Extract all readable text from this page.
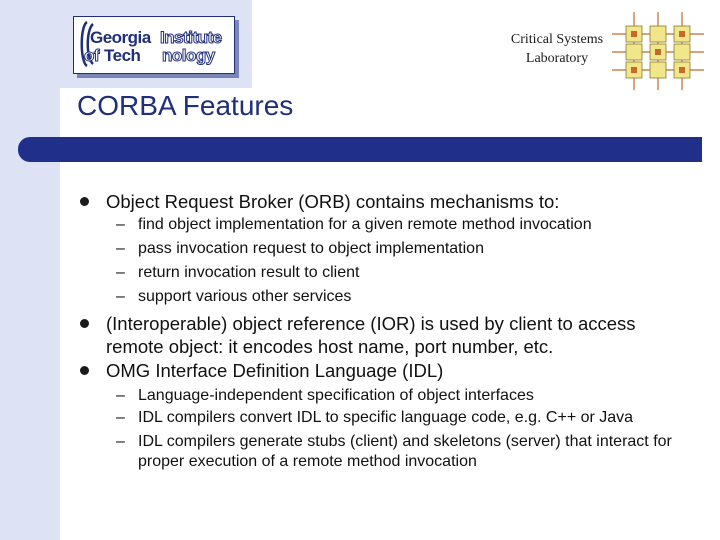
Georgia Institute
of Tech nology
Critical Systems
Laboratory
CORBA Features
Object Request Broker (ORB) contains mechanisms to:
– find object implementation for a given remote method invocation
– pass invocation request to object implementation
– return invocation result to client
– support various other services
(Interoperable) object reference (IOR) is used by client to access remote object: it encodes host name, port number, etc.
OMG Interface Definition Language (IDL)
– Language-independent specification of object interfaces
– IDL compilers convert IDL to specific language code, e.g. C++ or Java
– IDL compilers generate stubs (client) and skeletons (server) that interact for proper execution of a remote method invocation
